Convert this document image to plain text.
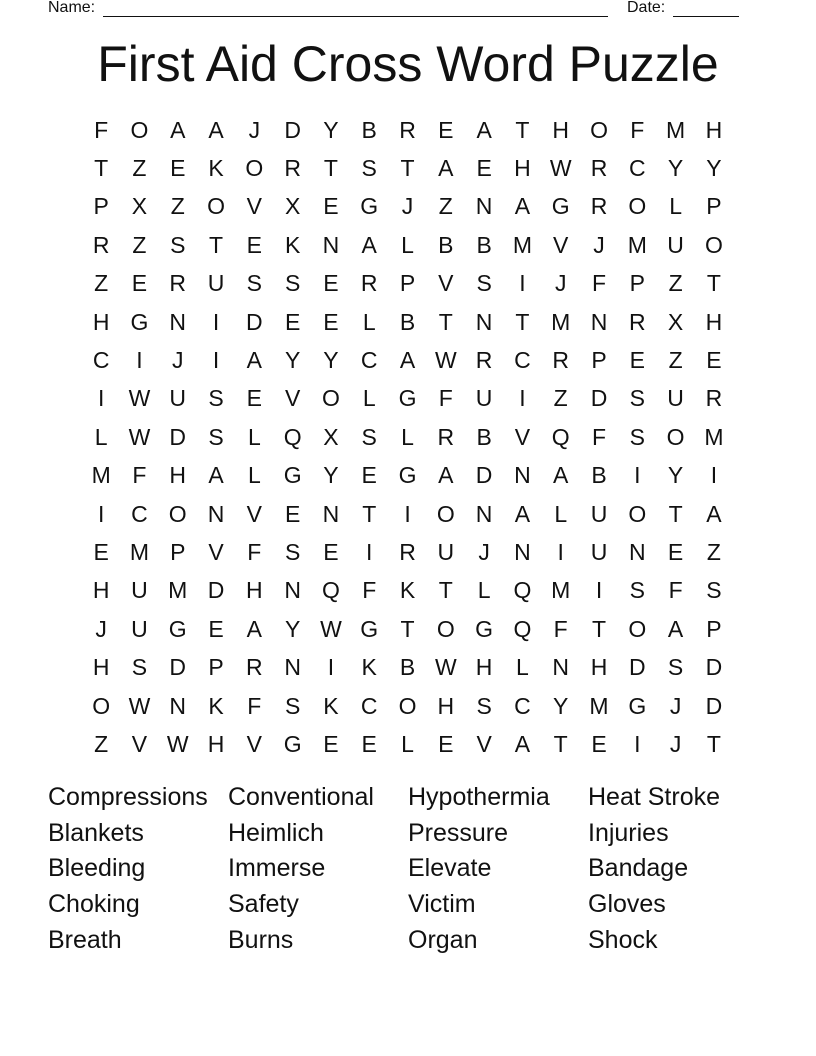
Name:	Date:
First Aid Cross Word Puzzle
F O A A	J	D Y B R E A	T H O F M H
T	Z	E K O R T	S	T	A E H W R C Y Y
P X	Z O V X E G	J	Z N A G R O L	P
R Z	S	T	E K N A	L	B B M V	J M U O
Z	E R U S S E R P V S	I	J	F	P	Z	T
H G N	I	D E E	L	B	T N T M N R X H
C	I	J	I	A Y Y C A W R C R P E	Z	E
I	W U S E V O L G F U	I	Z D S U R
L W D S	L Q X S	L	R B V Q F	S O M
M F H A	L G Y E G A D N A B	I	Y	I
I	C O N V E N T	I	O N A	L	U O T	A
E M P V	F	S E	I	R U	J	N	I	U N E	Z
H U M D H N Q F	K	T	L Q M	I	S	F	S
J	U G E A Y W G T O G Q F	T O A P
H S D P R N	I	K B W H	L	N H D S D
O W N K	F	S K C O H S C Y M G	J	D
Z	V W H V G E E	L	E V A	T	E	I	J	T
Compressions Conventional	Hypothermia	Heat Stroke
Blankets	Heimlich	Pressure	Injuries
Bleeding	Immerse	Elevate	Bandage
Choking	Safety	Victim	Gloves
Breath	Burns	Organ	Shock
